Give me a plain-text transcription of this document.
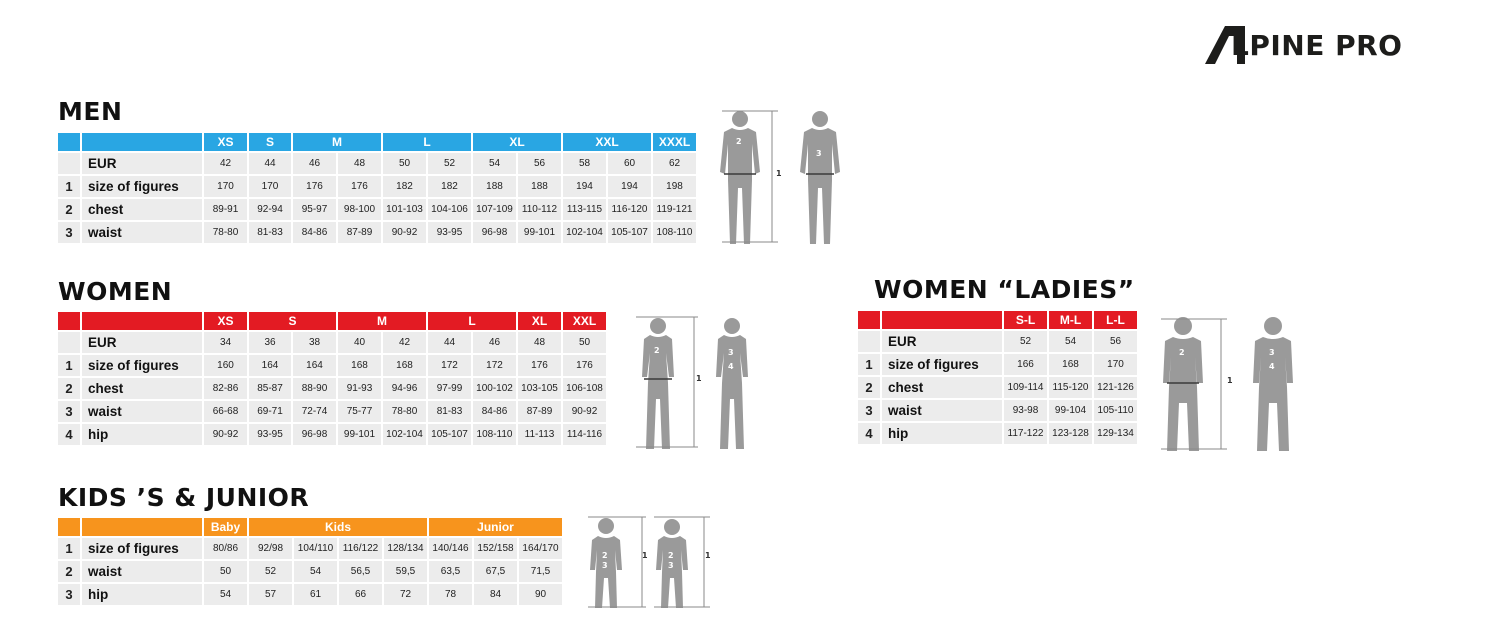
LPINE PRO
MEN
		XS	S	M		L		XL		XXL		XXXL
	EUR	42	44	46	48	50	52	54	56	58	60	62
1	size of figures	170	170	176	176	182	182	188	188	194	194	198
2	chest	89-91	92-94	95-97	98-100	101-103	104-106	107-109	110-112	113-115	116-120	119-121
3	waist	78-80	81-83	84-86	87-89	90-92	93-95	96-98	99-101	102-104	105-107	108-110
2
1
3
WOMEN
		XS	S		M		L		XL	XXL
	EUR	34	36	38	40	42	44	46	48	50
1	size of figures	160	164	164	168	168	172	172	176	176
2	chest	82-86	85-87	88-90	91-93	94-96	97-99	100-102	103-105	106-108
3	waist	66-68	69-71	72-74	75-77	78-80	81-83	84-86	87-89	90-92
4	hip	90-92	93-95	96-98	99-101	102-104	105-107	108-110	11-113	114-116
2
1
3
4
WOMEN “LADIES”
		S-L	M-L	L-L
	EUR	52	54	56
1	size of figures	166	168	170
2	chest	109-114	115-120	121-126
3	waist	93-98	99-104	105-110
4	hip	117-122	123-128	129-134
2
1
3
4
KIDS ’S & JUNIOR
		Baby	Kids				Junior		
1	size of figures	80/86	92/98	104/110	116/122	128/134	140/146	152/158	164/170
2	waist	50	52	54	56,5	59,5	63,5	67,5	71,5
3	hip	54	57	61	66	72	78	84	90
2
3
1	2
3
1
